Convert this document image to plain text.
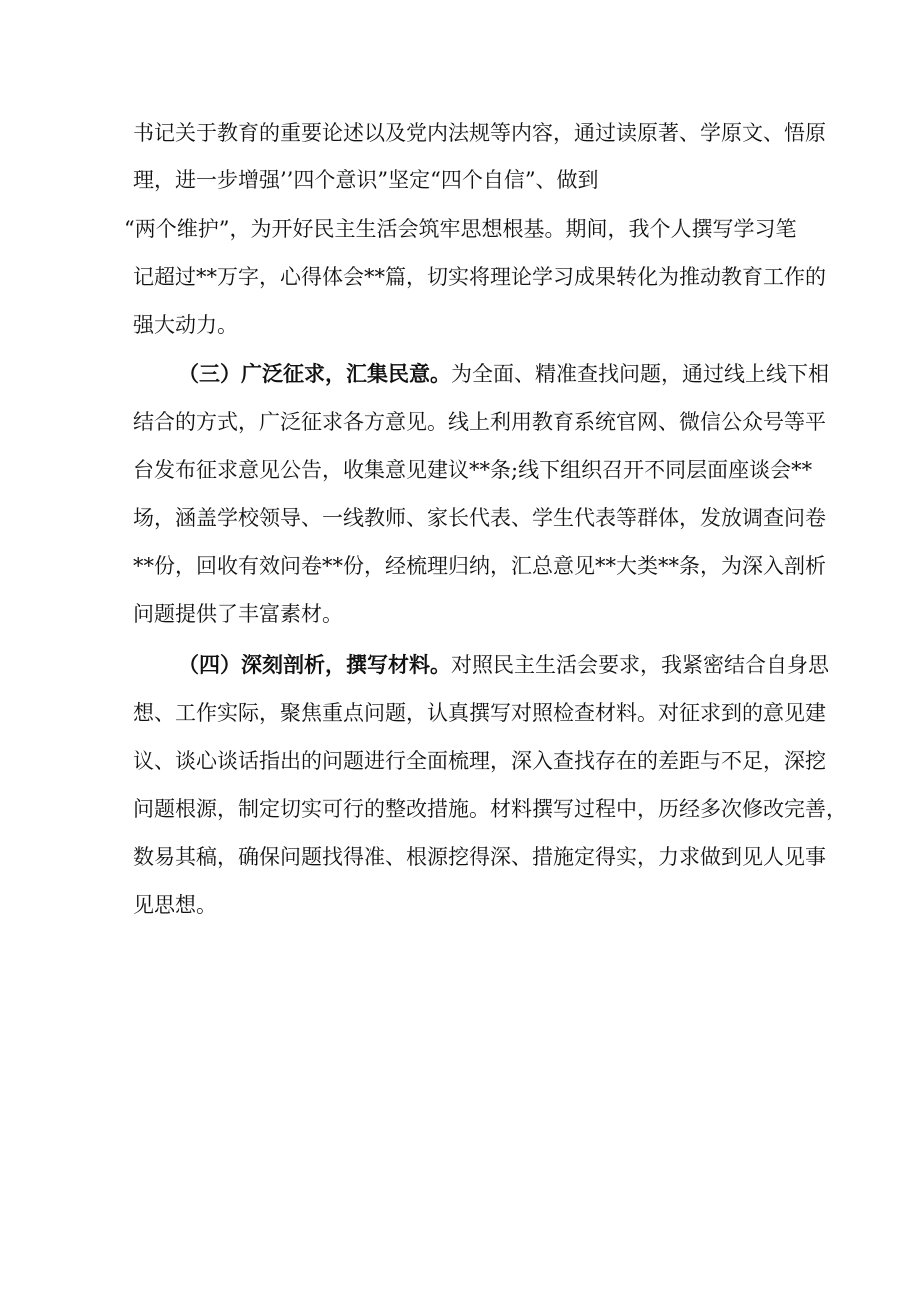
书记关于教育的重要论述以及党内法规等内容，通过读原著、学原文、悟原

理，进一步增强’’四个意识”坚定“四个自信”、做到

“两个维护”，为开好民主生活会筑牢思想根基。期间，我个人撰写学习笔

记超过**万字，心得体会**篇，切实将理论学习成果转化为推动教育工作的

强大动力。

（三）广泛征求，汇集民意。为全面、精准查找问题，通过线上线下相

结合的方式，广泛征求各方意见。线上利用教育系统官网、微信公众号等平

台发布征求意见公告，收集意见建议**条;线下组织召开不同层面座谈会**

场，涵盖学校领导、一线教师、家长代表、学生代表等群体，发放调查问卷

**份，回收有效问卷**份，经梳理归纳，汇总意见**大类**条，为深入剖析

问题提供了丰富素材。

（四）深刻剖析，撰写材料。对照民主生活会要求，我紧密结合自身思

想、工作实际，聚焦重点问题，认真撰写对照检查材料。对征求到的意见建

议、谈心谈话指出的问题进行全面梳理，深入查找存在的差距与不足，深挖

问题根源，制定切实可行的整改措施。材料撰写过程中，历经多次修改完善，

数易其稿，确保问题找得准、根源挖得深、措施定得实，力求做到见人见事

见思想。
